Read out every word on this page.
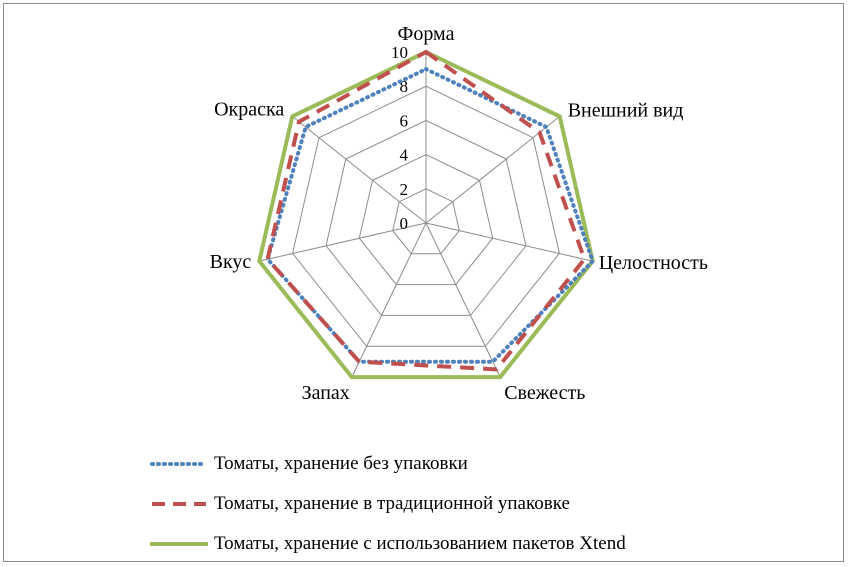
0
2
4
6
8
10
Форма
Внешний вид
Целостность
Свежесть
Запах
Вкус
Окраска
Томаты, хранение без упаковки
Томаты, хранение в традиционной упаковке
Томаты, хранение с использованием пакетов Xtend
